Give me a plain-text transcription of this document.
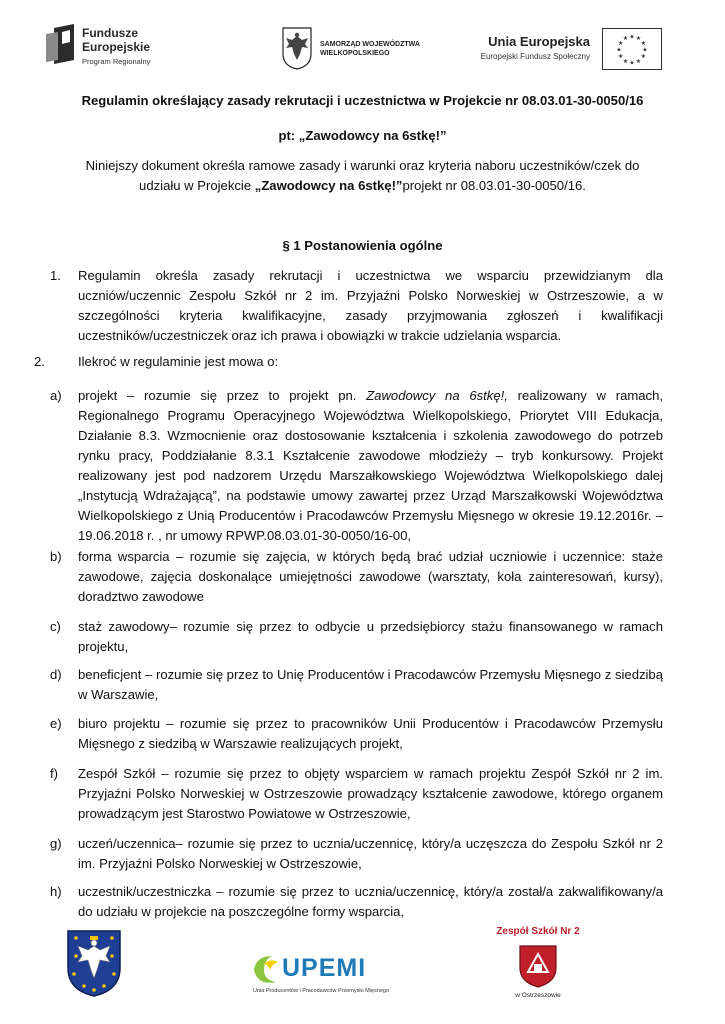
Fundusze
Europejskie
Program Regionalny
SAMORZĄD WOJEWÓDZTWA
WIELKOPOLSKIEGO
Unia Europejska
Europejski Fundusz Społeczny
★
★
★
★
★
★
★
★
★ ★ ★
★
Regulamin określający zasady rekrutacji i uczestnictwa w Projekcie nr 08.03.01-30-0050/16
pt: „Zawodowcy na 6stkę!”
Niniejszy dokument określa ramowe zasady i warunki oraz kryteria naboru uczestników/czek do
udziału w Projekcie „Zawodowcy na 6stkę!”projekt nr 08.03.01-30-0050/16.
§ 1 Postanowienia ogólne
1.	Regulamin określa zasady rekrutacji i uczestnictwa we wsparciu przewidzianym dla uczniów/uczennic Zespołu Szkół nr 2 im. Przyjaźni Polsko Norweskiej w Ostrzeszowie, a w szczególności kryteria kwalifikacyjne, zasady przyjmowania zgłoszeń i kwalifikacji uczestników/uczestniczek oraz ich prawa i obowiązki w trakcie udzielania wsparcia.
2.	Ilekroć w regulaminie jest mowa o:
a)	projekt – rozumie się przez to projekt pn. Zawodowcy na 6stkę!, realizowany w ramach, Regionalnego Programu Operacyjnego Województwa Wielkopolskiego, Priorytet VIII Edukacja, Działanie 8.3. Wzmocnienie oraz dostosowanie kształcenia i szkolenia zawodowego do potrzeb rynku pracy, Poddziałanie 8.3.1 Kształcenie zawodowe młodzieży – tryb konkursowy. Projekt realizowany jest pod nadzorem Urzędu Marszałkowskiego Województwa Wielkopolskiego dalej „Instytucją Wdrażającą”, na podstawie umowy zawartej przez Urząd Marszałkowski Województwa Wielkopolskiego z Unią Producentów i Pracodawców Przemysłu Mięsnego w okresie 19.12.2016r. – 19.06.2018 r. , nr umowy RPWP.08.03.01-30-0050/16-00,
b)	forma wsparcia – rozumie się zajęcia, w których będą brać udział uczniowie i uczennice: staże zawodowe, zajęcia doskonalące umiejętności zawodowe (warsztaty, koła zainteresowań, kursy), doradztwo zawodowe
c)	staż zawodowy– rozumie się przez to odbycie u przedsiębiorcy stażu finansowanego w ramach projektu,
d)	beneficjent – rozumie się przez to Unię Producentów i Pracodawców Przemysłu Mięsnego z siedzibą w Warszawie,
e)	biuro projektu – rozumie się przez to pracowników Unii Producentów i Pracodawców Przemysłu Mięsnego z siedzibą w Warszawie realizujących projekt,
f)	Zespół Szkół – rozumie się przez to objęty wsparciem w ramach projektu Zespół Szkół nr 2 im. Przyjaźni Polsko Norweskiej w Ostrzeszowie prowadzący kształcenie zawodowe, którego organem prowadzącym jest Starostwo Powiatowe w Ostrzeszowie,
g)	uczeń/uczennica– rozumie się przez to ucznia/uczennicę, który/a uczęszcza do Zespołu Szkół nr 2 im. Przyjaźni Polsko Norweskiej w Ostrzeszowie,
h)	uczestnik/uczestniczka – rozumie się przez to ucznia/uczennicę, który/a został/a zakwalifikowany/a do udziału w projekcie na poszczególne formy wsparcia,
UPEMI
Unia Producentów i Pracodawców Przemysłu Mięsnego
Zespół Szkół Nr 2
w Ostrzeszowie
